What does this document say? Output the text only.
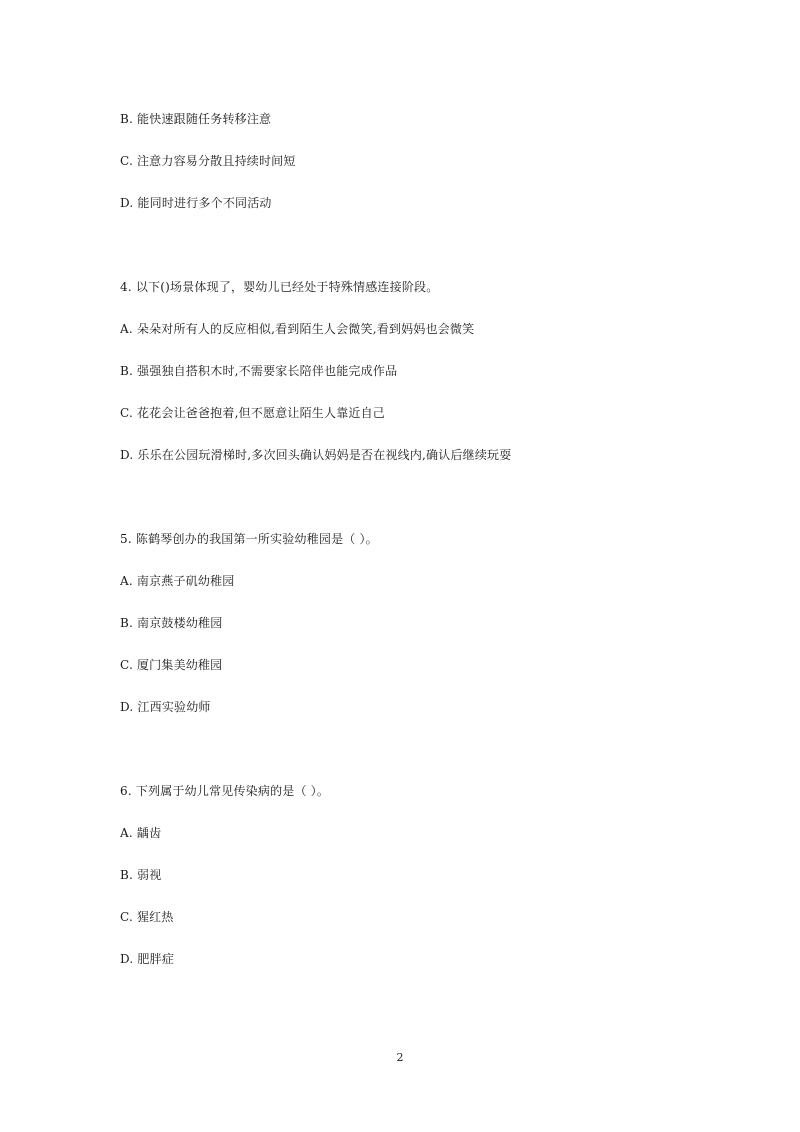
B. 能快速跟随任务转移注意
C. 注意力容易分散且持续时间短
D. 能同时进行多个不同活动
4. 以下()场景体现了，婴幼儿已经处于特殊情感连接阶段。
A. 朵朵对所有人的反应相似,看到陌生人会微笑,看到妈妈也会微笑
B. 强强独自搭积木时,不需要家长陪伴也能完成作品
C. 花花会让爸爸抱着,但不愿意让陌生人靠近自己
D. 乐乐在公园玩滑梯时,多次回头确认妈妈是否在视线内,确认后继续玩耍
5. 陈鹤琴创办的我国第一所实验幼稚园是（ ）。
A. 南京燕子矶幼稚园
B. 南京鼓楼幼稚园
C. 厦门集美幼稚园
D. 江西实验幼师
6. 下列属于幼儿常见传染病的是（ ）。
A. 龋齿
B. 弱视
C. 猩红热
D. 肥胖症
2
